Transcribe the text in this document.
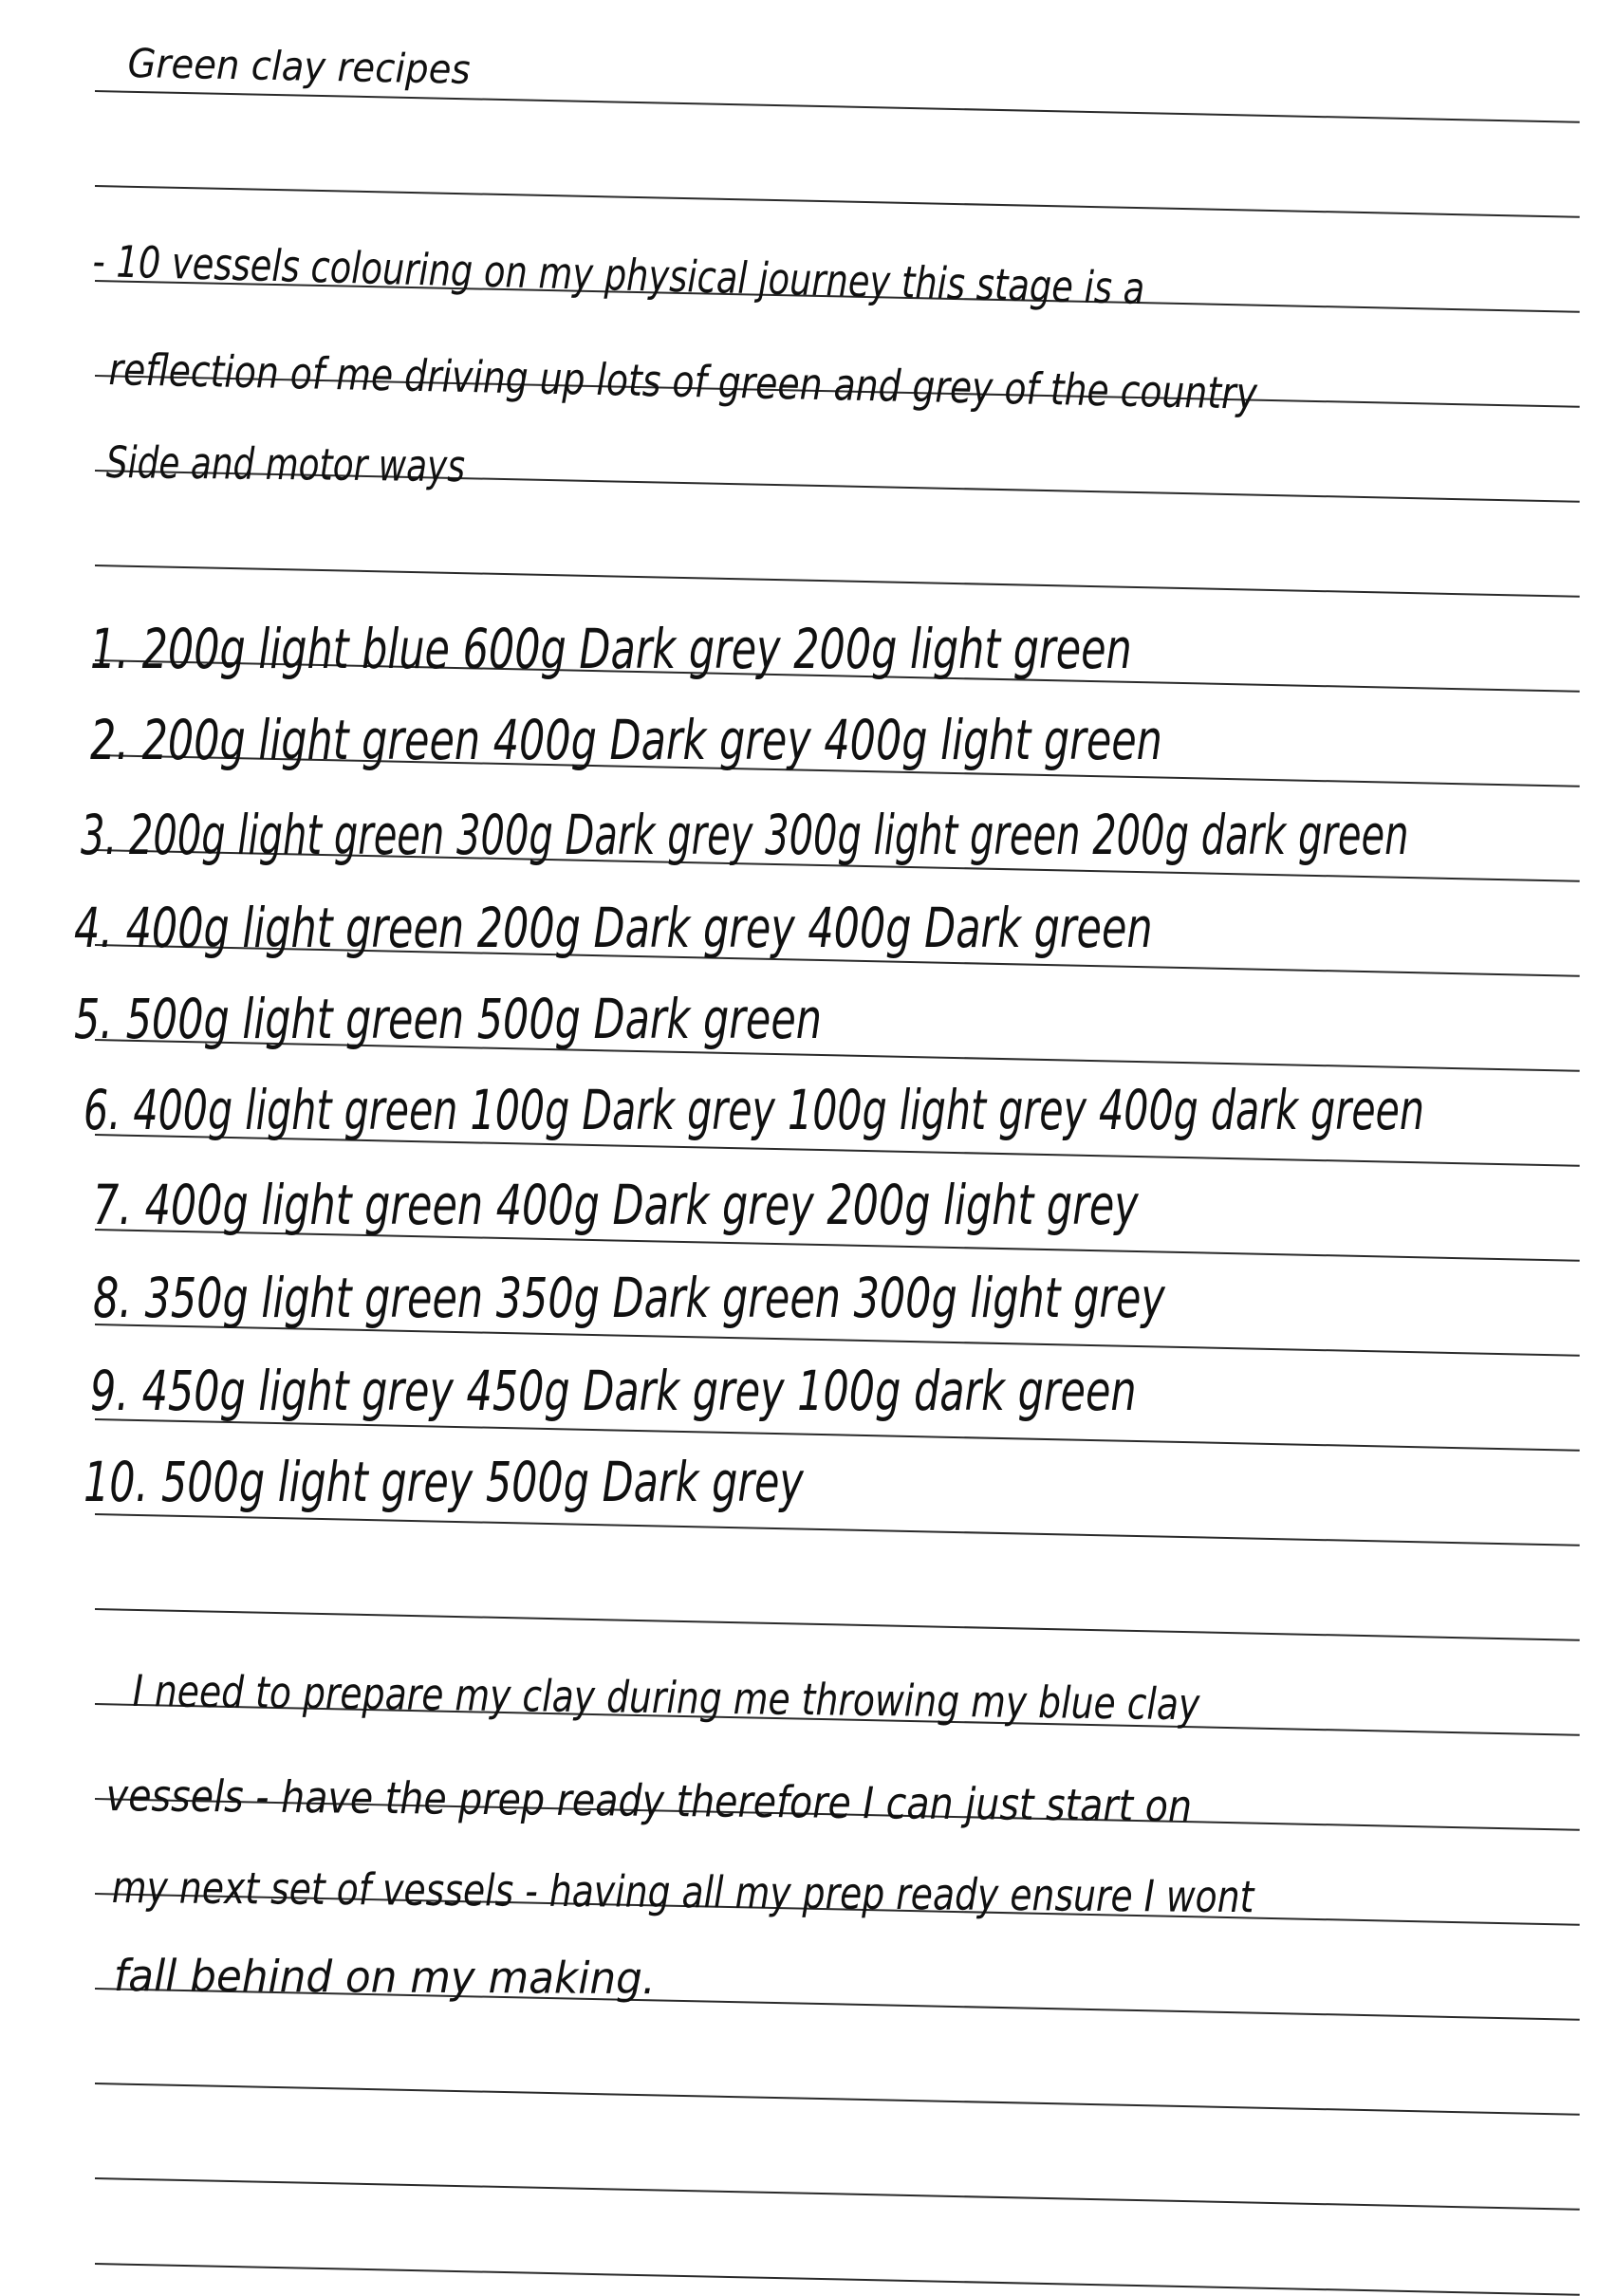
Green clay recipes
- 10 vessels colouring on my physical journey this stage is a
reflection of me driving up lots of green and grey of the country
Side and motor ways
1. 200g light blue 600g Dark grey 200g light green
2. 200g light green 400g Dark grey 400g light green
3. 200g light green 300g Dark grey 300g light green 200g dark green
4. 400g light green 200g Dark grey 400g Dark green
5. 500g light green 500g Dark green
6. 400g light green 100g Dark grey 100g light grey 400g dark green
7. 400g light green 400g Dark grey 200g light grey
8. 350g light green 350g Dark green 300g light grey
9. 450g light grey 450g Dark grey 100g dark green
10. 500g light grey 500g Dark grey
I need to prepare my clay during me throwing my blue clay
vessels - have the prep ready therefore I can just start on
my next set of vessels - having all my prep ready ensure I wont
fall behind on my making.
